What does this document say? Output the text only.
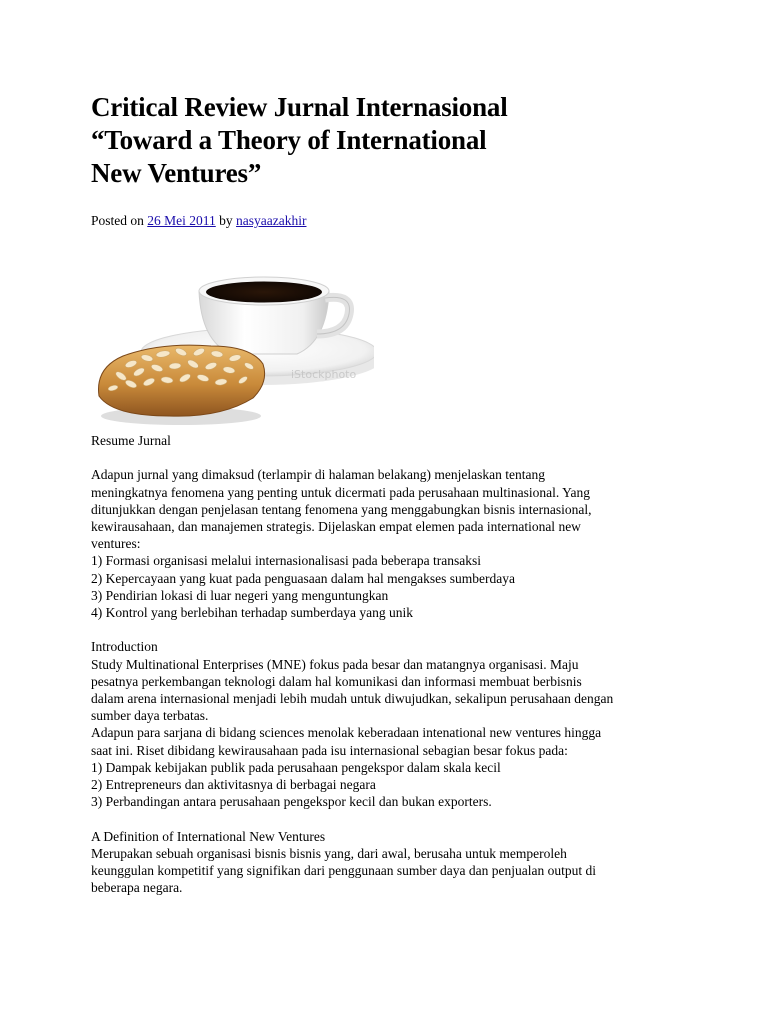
Critical Review Jurnal Internasional
“Toward a Theory of International
New Ventures”
Posted on 26 Mei 2011 by nasyaazakhir
iStockphoto

Resume Jurnal

Adapun jurnal yang dimaksud (terlampir di halaman belakang) menjelaskan tentang
meningkatnya fenomena yang penting untuk dicermati pada perusahaan multinasional. Yang
ditunjukkan dengan penjelasan tentang fenomena yang menggabungkan bisnis internasional,
kewirausahaan, dan manajemen strategis. Dijelaskan empat elemen pada international new
ventures:
1) Formasi organisasi melalui internasionalisasi pada beberapa transaksi
2) Kepercayaan yang kuat pada penguasaan dalam hal mengakses sumberdaya
3) Pendirian lokasi di luar negeri yang menguntungkan
4) Kontrol yang berlebihan terhadap sumberdaya yang unik

Introduction

Study Multinational Enterprises (MNE) fokus pada besar dan matangnya organisasi. Maju
pesatnya perkembangan teknologi dalam hal komunikasi dan informasi membuat berbisnis
dalam arena internasional menjadi lebih mudah untuk diwujudkan, sekalipun perusahaan dengan
sumber daya terbatas.
Adapun para sarjana di bidang sciences menolak keberadaan intenational new ventures hingga
saat ini. Riset dibidang kewirausahaan pada isu internasional sebagian besar fokus pada:
1) Dampak kebijakan publik pada perusahaan pengekspor dalam skala kecil
2) Entrepreneurs dan aktivitasnya di berbagai negara
3) Perbandingan antara perusahaan pengekspor kecil dan bukan exporters.

A Definition of International New Ventures

Merupakan sebuah organisasi bisnis bisnis yang, dari awal, berusaha untuk memperoleh
keunggulan kompetitif yang signifikan dari penggunaan sumber daya dan penjualan output di
beberapa negara.
